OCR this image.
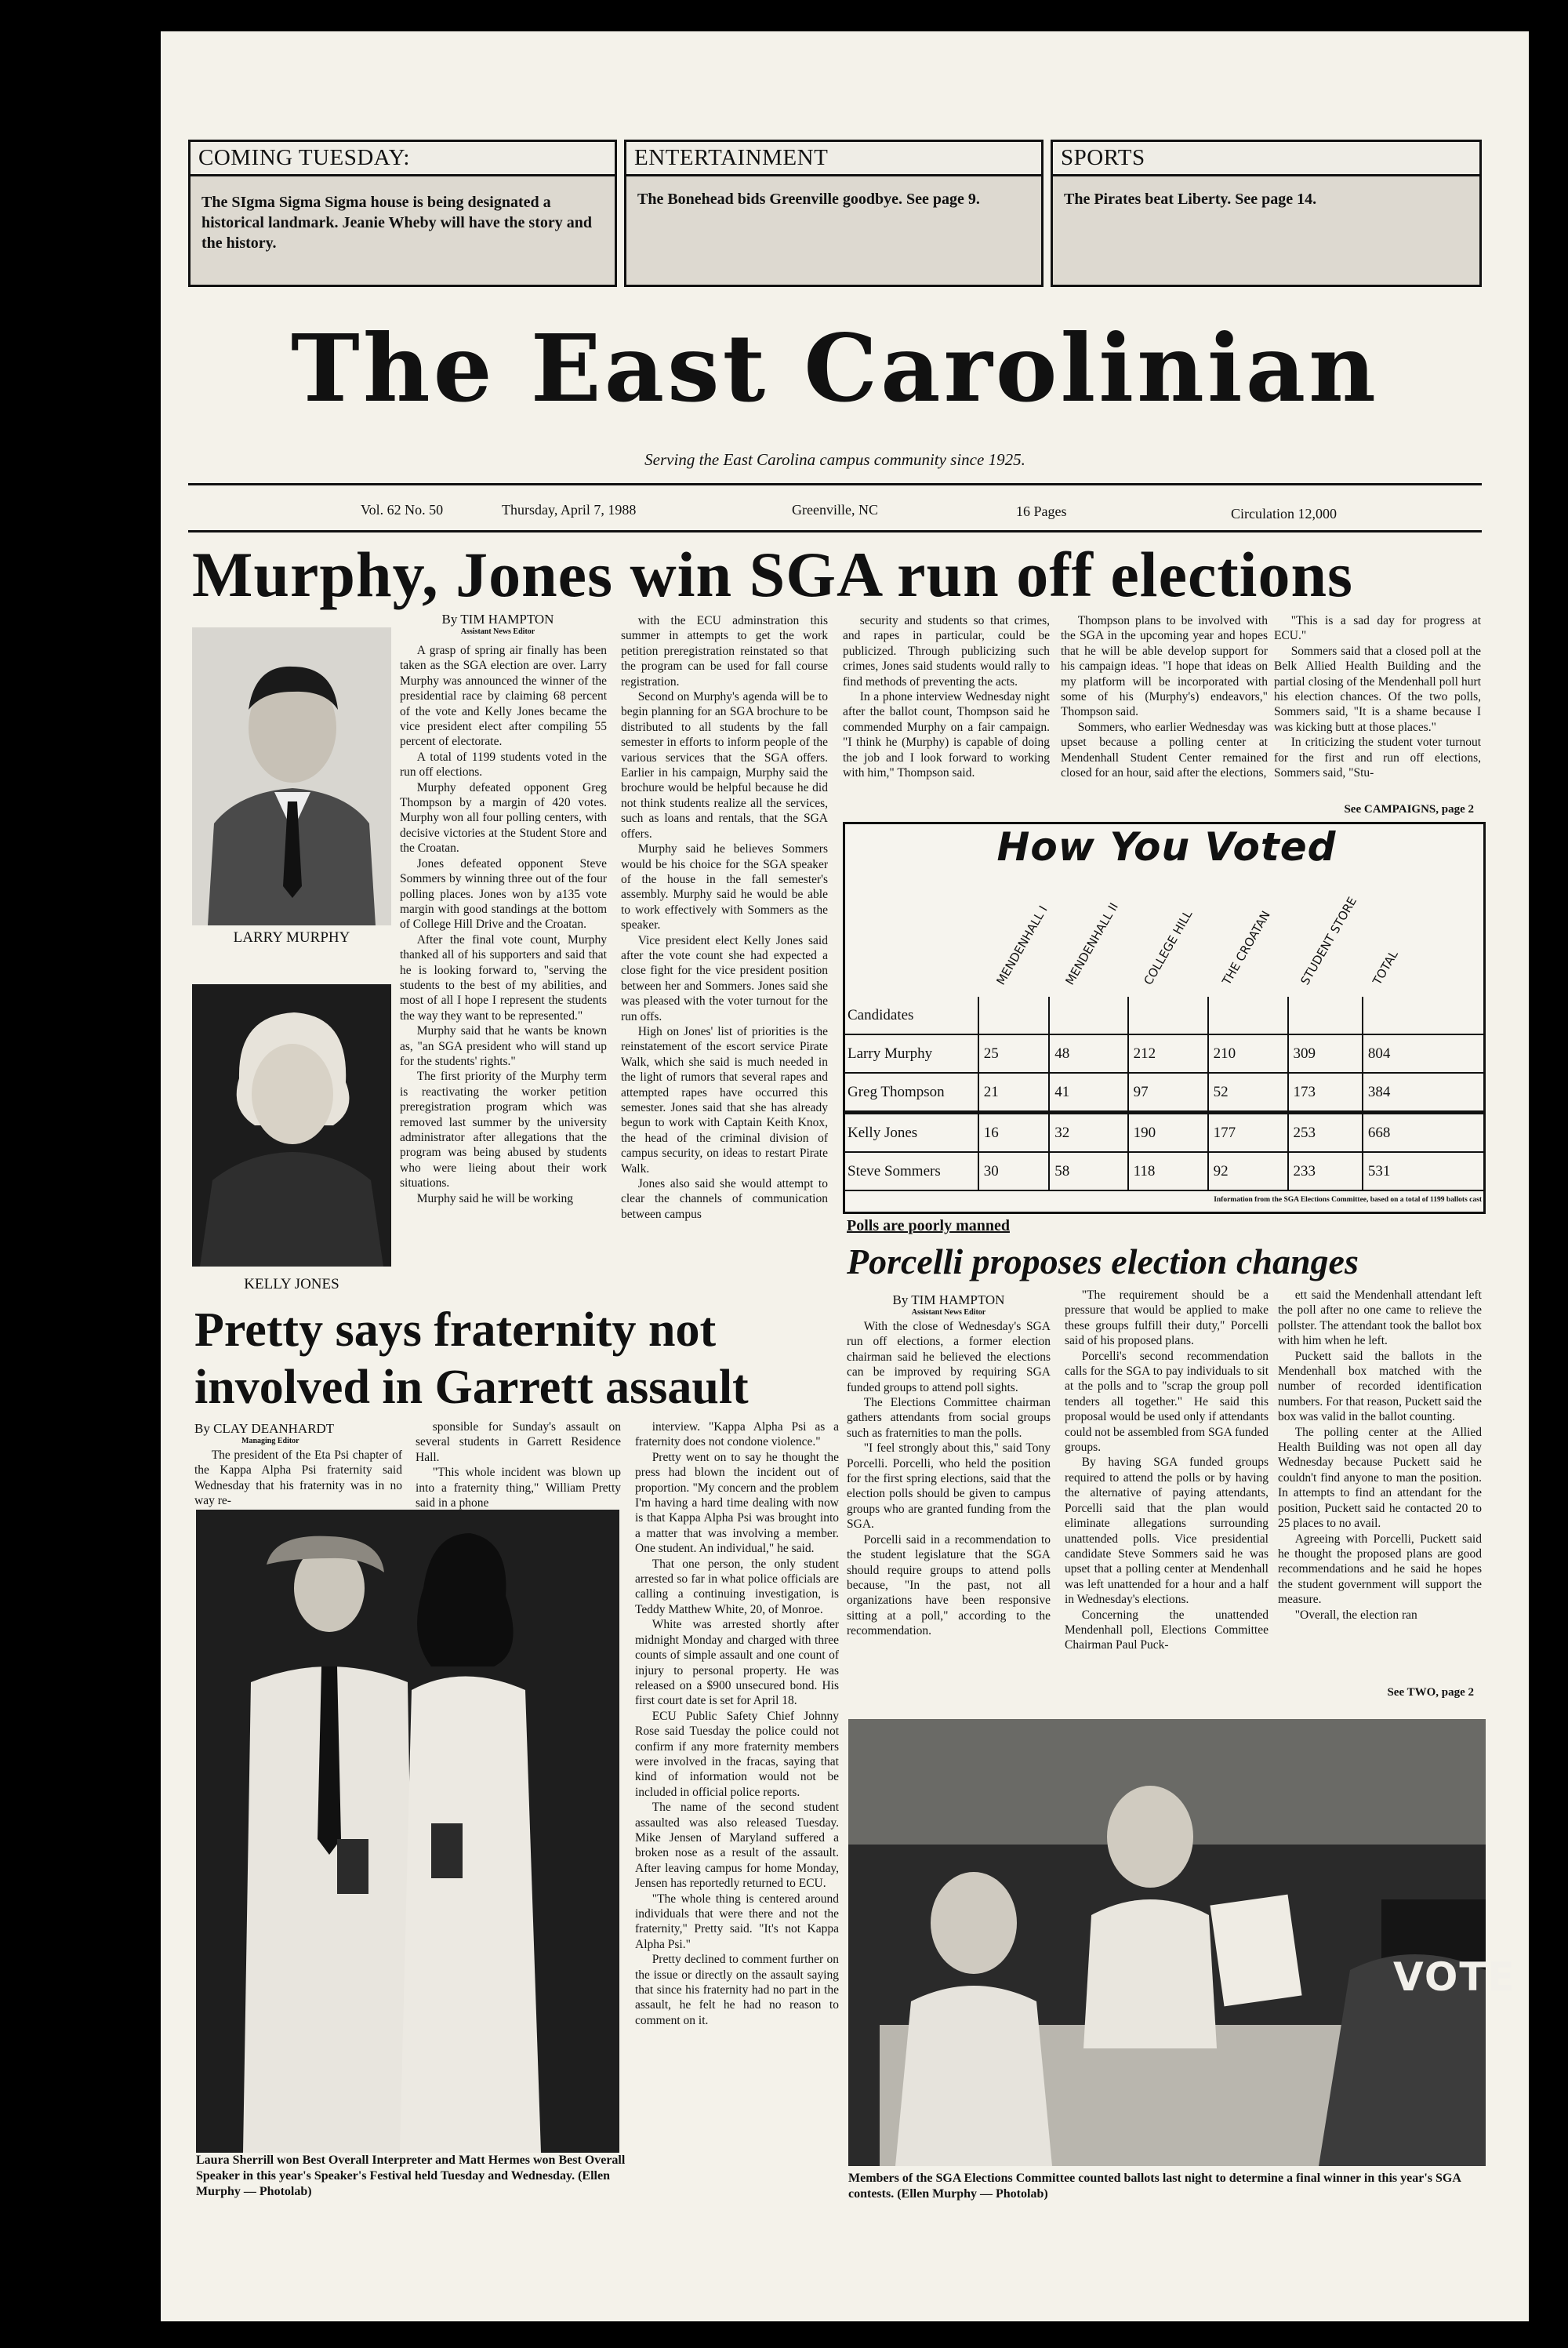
COMING TUESDAY:
The SIgma Sigma Sigma house is being designated a historical landmark. Jeanie Wheby will have the story and the history.
ENTERTAINMENT
The Bonehead bids Greenville goodbye. See page 9.
SPORTS
The Pirates beat Liberty. See page 14.
The East Carolinian
Serving the East Carolina campus community since 1925.
Vol. 62 No. 50	Thursday, April 7, 1988	Greenville, NC	16 Pages	Circulation 12,000
Murphy, Jones win SGA run off elections
LARRY MURPHY
KELLY JONES
By TIM HAMPTON
Assistant News Editor

A grasp of spring air finally has been taken as the SGA election are over. Larry Murphy was announced the winner of the presidential race by claiming 68 percent of the vote and Kelly Jones became the vice president elect after compiling 55 percent of electorate.

A total of 1199 students voted in the run off elections.

Murphy defeated opponent Greg Thompson by a margin of 420 votes. Murphy won all four polling centers, with decisive victories at the Student Store and the Croatan.

Jones defeated opponent Steve Sommers by winning three out of the four polling places. Jones won by a135 vote margin with good standings at the bottom of College Hill Drive and the Croatan.

After the final vote count, Murphy thanked all of his supporters and said that he is looking forward to, "serving the students to the best of my abilities, and most of all I hope I represent the students the way they want to be represented."

Murphy said that he wants be known as, "an SGA president who will stand up for the students' rights."

The first priority of the Murphy term is reactivating the worker petition preregistration program which was removed last summer by the university administrator after allegations that the program was being abused by students who were lieing about their work situations.

Murphy said he will be working

with the ECU adminstration this summer in attempts to get the work petition preregistration reinstated so that the program can be used for fall course registration.

Second on Murphy's agenda will be to begin planning for an SGA brochure to be distributed to all students by the fall semester in efforts to inform people of the various services that the SGA offers. Earlier in his campaign, Murphy said the brochure would be helpful because he did not think students realize all the services, such as loans and rentals, that the SGA offers.

Murphy said he believes Sommers would be his choice for the SGA speaker of the house in the fall semester's assembly. Murphy said he would be able to work effectively with Sommers as the speaker.

Vice president elect Kelly Jones said after the vote count she had expected a close fight for the vice president position between her and Sommers. Jones said she was pleased with the voter turnout for the run offs.

High on Jones' list of priorities is the reinstatement of the escort service Pirate Walk, which she said is much needed in the light of rumors that several rapes and attempted rapes have occurred this semester. Jones said that she has already begun to work with Captain Keith Knox, the head of the criminal division of campus security, on ideas to restart Pirate Walk.

Jones also said she would attempt to clear the channels of communication between campus

security and students so that crimes, and rapes in particular, could be publicized. Through publicizing such crimes, Jones said students would rally to find methods of preventing the acts.

In a phone interview Wednesday night after the ballot count, Thompson said he commended Murphy on a fair campaign. "I think he (Murphy) is capable of doing the job and I look forward to working with him," Thompson said.

Thompson plans to be involved with the SGA in the upcoming year and hopes that he will be able develop support for his campaign ideas. "I hope that ideas on my platform will be incorporated with some of his (Murphy's) endeavors," Thompson said.

Sommers, who earlier Wednesday was upset because a polling center at Mendenhall Student Center remained closed for an hour, said after the elections,

"This is a sad day for progress at ECU."

Sommers said that a closed poll at the Belk Allied Health Building and the partial closing of the Mendenhall poll hurt his election chances. Of the two polls, Sommers said, "It is a shame because I was kicking butt at those places."

In criticizing the student voter turnout for the first and run off elections, Sommers said, "Stu-

See CAMPAIGNS, page 2
How You Voted
MENDENHALL I MENDENHALL II COLLEGE HILL THE CROATAN STUDENT STORE TOTAL
Candidates						
Larry Murphy	25	48	212	210	309	804
Greg Thompson	21	41	97	52	173	384
Kelly Jones	16	32	190	177	253	668
Steve Sommers	30	58	118	92	233	531
Information from the SGA Elections Committee, based on a total of 1199 ballots cast
Polls are poorly manned
Porcelli proposes election changes
By TIM HAMPTON
Assistant News Editor

With the close of Wednesday's SGA run off elections, a former election chairman said he believed the elections can be improved by requiring SGA funded groups to attend poll sights.

The Elections Committee chairman gathers attendants from social groups such as fraternities to man the polls.

"I feel strongly about this," said Tony Porcelli. Porcelli, who held the position for the first spring elections, said that the election polls should be given to campus groups who are granted funding from the SGA.

Porcelli said in a recommendation to the student legislature that the SGA should require groups to attend polls because, "In the past, not all organizations have been responsive sitting at a poll," according to the recommendation.

"The requirement should be a pressure that would be applied to make these groups fulfill their duty," Porcelli said of his proposed plans.

Porcelli's second recommendation calls for the SGA to pay individuals to sit at the polls and to "scrap the group poll tenders all together." He said this proposal would be used only if attendants could not be assembled from SGA funded groups.

By having SGA funded groups required to attend the polls or by having the alternative of paying attendants, Porcelli said that the plan would eliminate allegations surrounding unattended polls. Vice presidential candidate Steve Sommers said he was upset that a polling center at Mendenhall was left unattended for a hour and a half in Wednesday's elections.

Concerning the unattended Mendenhall poll, Elections Committee Chairman Paul Puck-

ett said the Mendenhall attendant left the poll after no one came to relieve the pollster. The attendant took the ballot box with him when he left.

Puckett said the ballots in the Mendenhall box matched with the number of recorded identification numbers. For that reason, Puckett said the box was valid in the ballot counting.

The polling center at the Allied Health Building was not open all day Wednesday because Puckett said he couldn't find anyone to man the position. In attempts to find an attendant for the position, Puckett said he contacted 20 to 25 places to no avail.

Agreeing with Porcelli, Puckett said he thought the proposed plans are good recommendations and he said he hopes the student government will support the measure.

"Overall, the election ran

See TWO, page 2
VOTE
Members of the SGA Elections Committee counted ballots last night to determine a final winner in this year's SGA contests. (Ellen Murphy — Photolab)
Pretty says fraternity not
involved in Garrett assault
By CLAY DEANHARDT
Managing Editor

The president of the Eta Psi chapter of the Kappa Alpha Psi fraternity said Wednesday that his fraternity was in no way re-

sponsible for Sunday's assault on several students in Garrett Residence Hall.

"This whole incident was blown up into a fraternity thing," William Pretty said in a phone

interview. "Kappa Alpha Psi as a fraternity does not condone violence."

Pretty went on to say he thought the press had blown the incident out of proportion. "My concern and the problem I'm having a hard time dealing with now is that Kappa Alpha Psi was brought into a matter that was involving a member. One student. An individual," he said.

That one person, the only student arrested so far in what police officials are calling a continuing investigation, is Teddy Matthew White, 20, of Monroe.

White was arrested shortly after midnight Monday and charged with three counts of simple assault and one count of injury to personal property. He was released on a $900 unsecured bond. His first court date is set for April 18.

ECU Public Safety Chief Johnny Rose said Tuesday the police could not confirm if any more fraternity members were involved in the fracas, saying that kind of information would not be included in official police reports.

The name of the second student assaulted was also released Tuesday. Mike Jensen of Maryland suffered a broken nose as a result of the assault. After leaving campus for home Monday, Jensen has reportedly returned to ECU.

"The whole thing is centered around individuals that were there and not the fraternity," Pretty said. "It's not Kappa Alpha Psi."

Pretty declined to comment further on the issue or directly on the assault saying that since his fraternity had no part in the assault, he felt he had no reason to comment on it.

Laura Sherrill won Best Overall Interpreter and Matt Hermes won Best Overall Speaker in this year's Speaker's Festival held Tuesday and Wednesday. (Ellen Murphy — Photolab)
